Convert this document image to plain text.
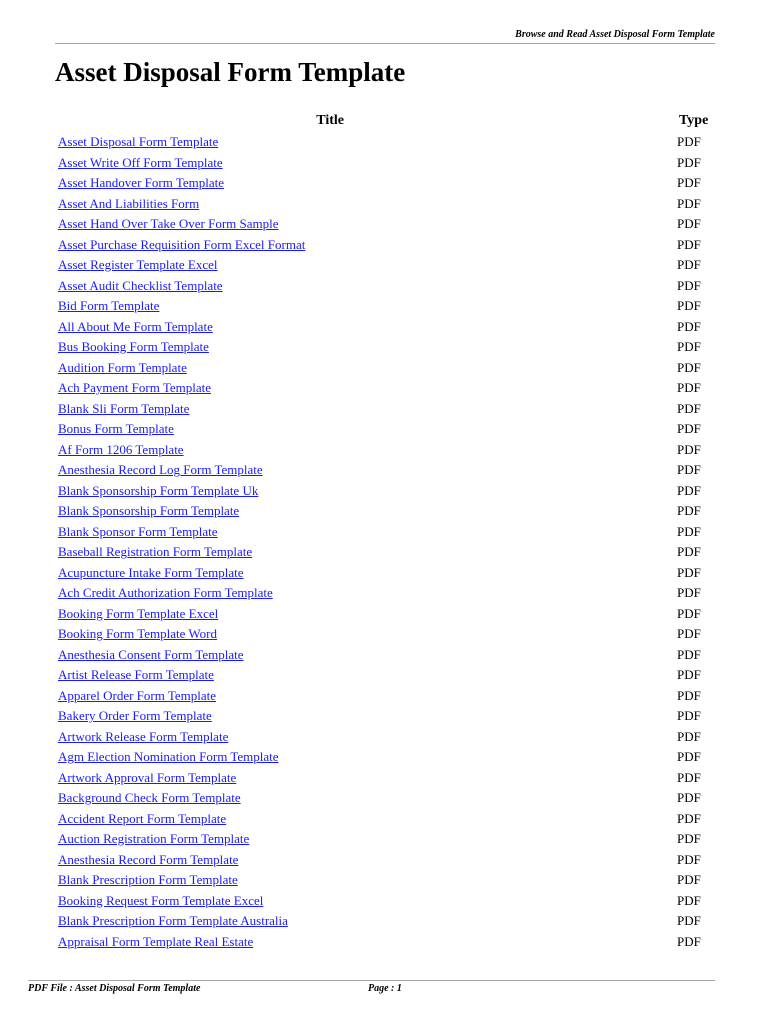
Browse and Read Asset Disposal Form Template
Asset Disposal Form Template
Title	Type
Asset Disposal Form Template	PDF
Asset Write Off Form Template	PDF
Asset Handover Form Template	PDF
Asset And Liabilities Form	PDF
Asset Hand Over Take Over Form Sample	PDF
Asset Purchase Requisition Form Excel Format	PDF
Asset Register Template Excel	PDF
Asset Audit Checklist Template	PDF
Bid Form Template	PDF
All About Me Form Template	PDF
Bus Booking Form Template	PDF
Audition Form Template	PDF
Ach Payment Form Template	PDF
Blank Sli Form Template	PDF
Bonus Form Template	PDF
Af Form 1206 Template	PDF
Anesthesia Record Log Form Template	PDF
Blank Sponsorship Form Template Uk	PDF
Blank Sponsorship Form Template	PDF
Blank Sponsor Form Template	PDF
Baseball Registration Form Template	PDF
Acupuncture Intake Form Template	PDF
Ach Credit Authorization Form Template	PDF
Booking Form Template Excel	PDF
Booking Form Template Word	PDF
Anesthesia Consent Form Template	PDF
Artist Release Form Template	PDF
Apparel Order Form Template	PDF
Bakery Order Form Template	PDF
Artwork Release Form Template	PDF
Agm Election Nomination Form Template	PDF
Artwork Approval Form Template	PDF
Background Check Form Template	PDF
Accident Report Form Template	PDF
Auction Registration Form Template	PDF
Anesthesia Record Form Template	PDF
Blank Prescription Form Template	PDF
Booking Request Form Template Excel	PDF
Blank Prescription Form Template Australia	PDF
Appraisal Form Template Real Estate	PDF
PDF File : Asset Disposal Form Template	Page : 1
